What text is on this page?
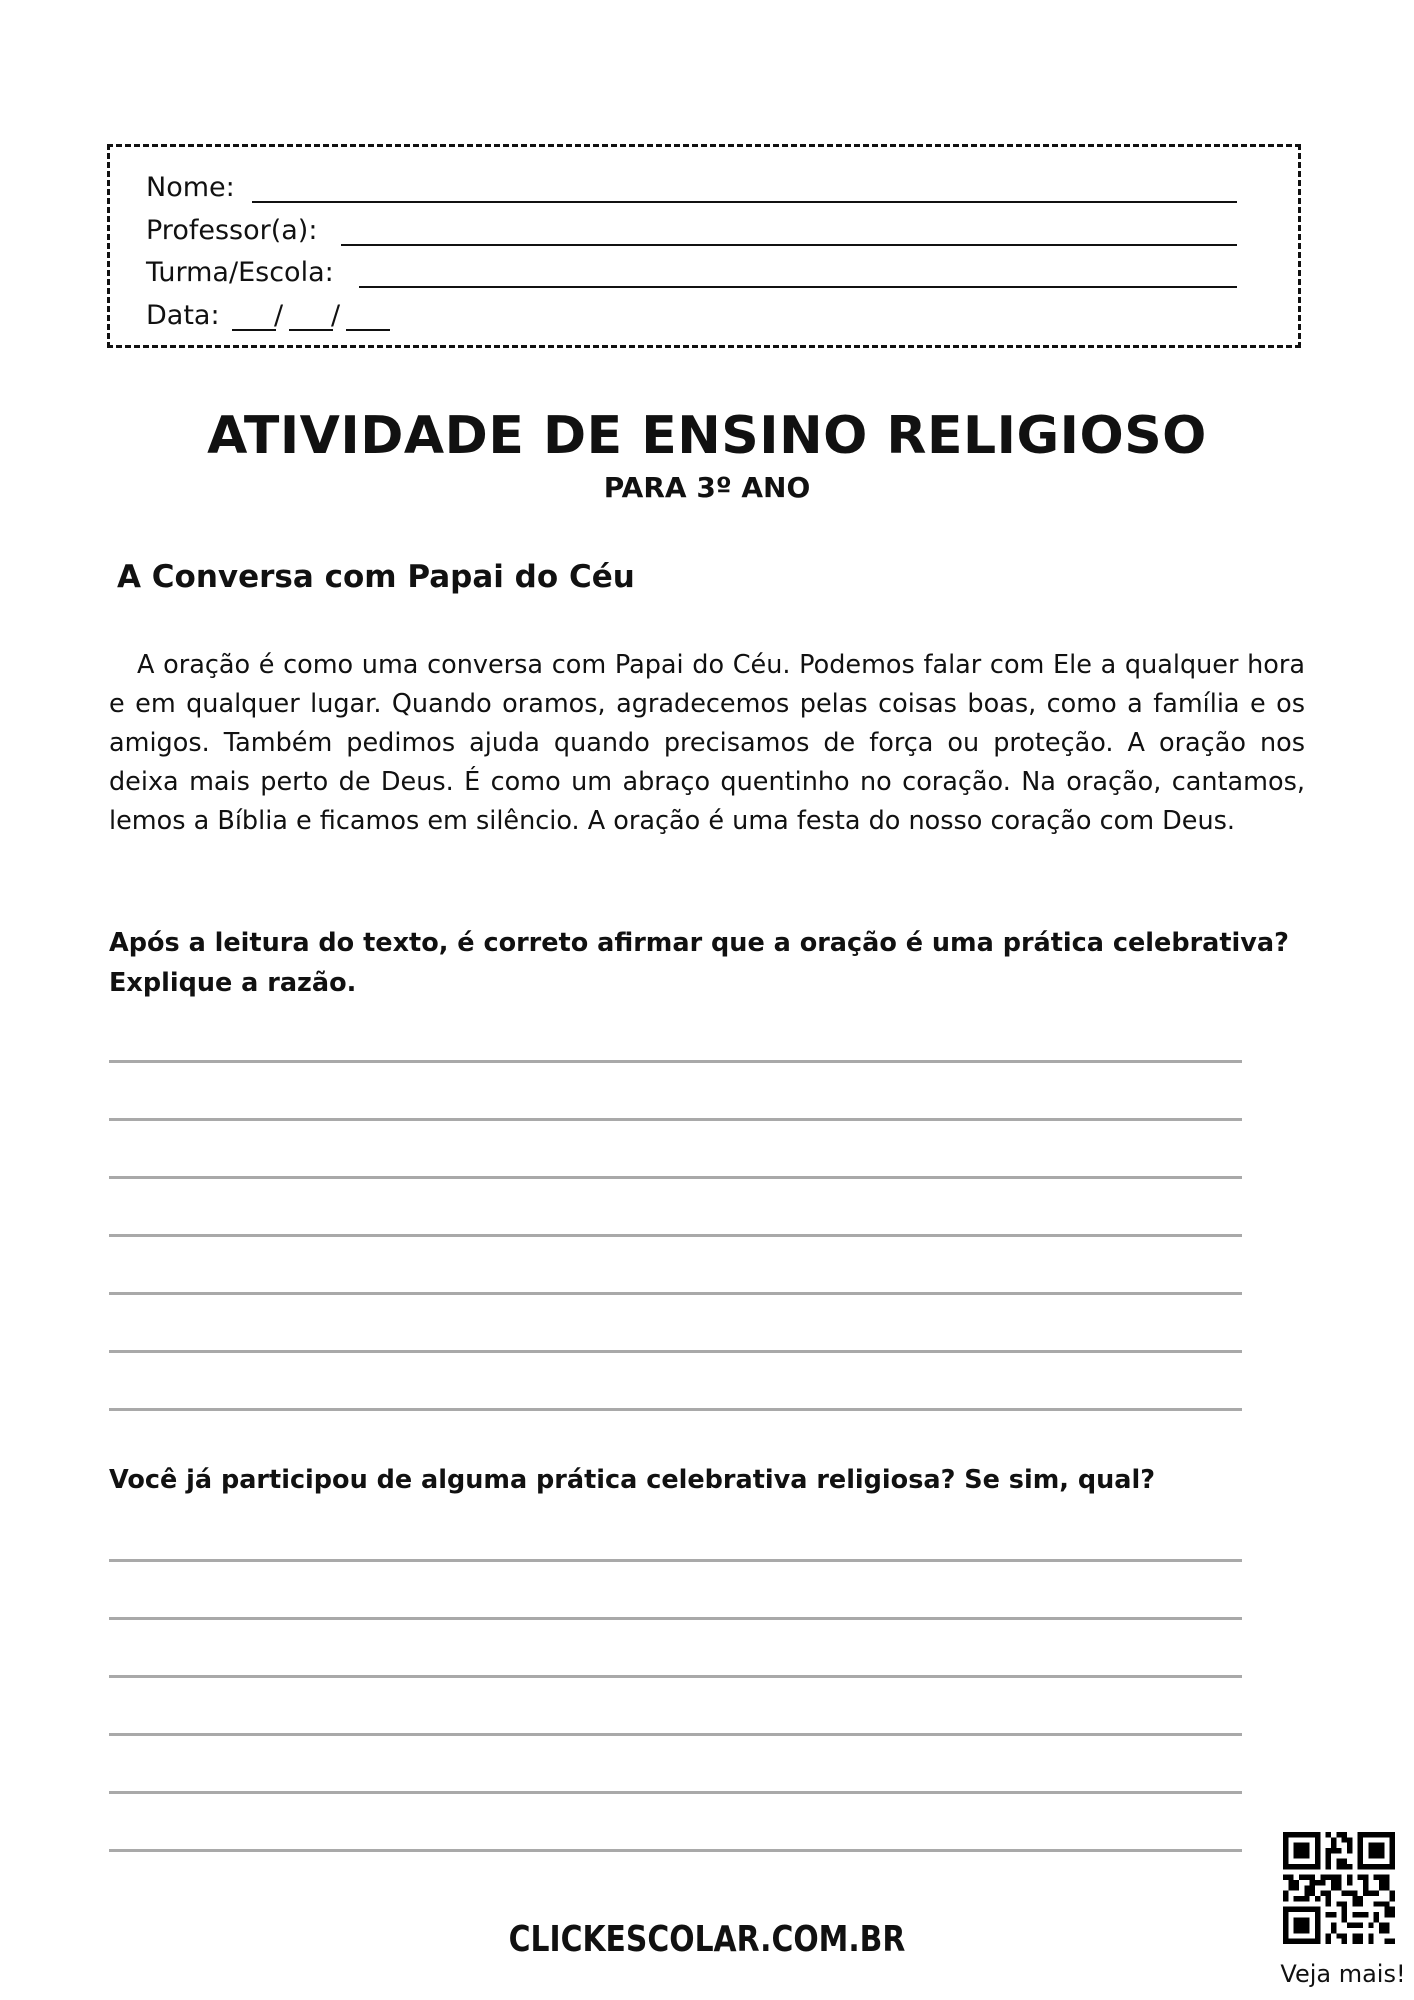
Nome:
Professor(a):
Turma/Escola:
Data: / /
ATIVIDADE DE ENSINO RELIGIOSO
PARA 3º ANO
A Conversa com Papai do Céu
A oração é como uma conversa com Papai do Céu. Podemos falar com Ele a qualquer hora e em qualquer lugar. Quando oramos, agradecemos pelas coisas boas, como a família e os amigos. Também pedimos ajuda quando precisamos de força ou proteção. A oração nos deixa mais perto de Deus. É como um abraço quentinho no coração. Na oração, cantamos, lemos a Bíblia e ficamos em silêncio. A oração é uma festa do nosso coração com Deus.
Após a leitura do texto, é correto afirmar que a oração é uma prática celebrativa? Explique a razão.
Você já participou de alguma prática celebrativa religiosa? Se sim, qual?
CLICKESCOLAR.COM.BR
Veja mais!
